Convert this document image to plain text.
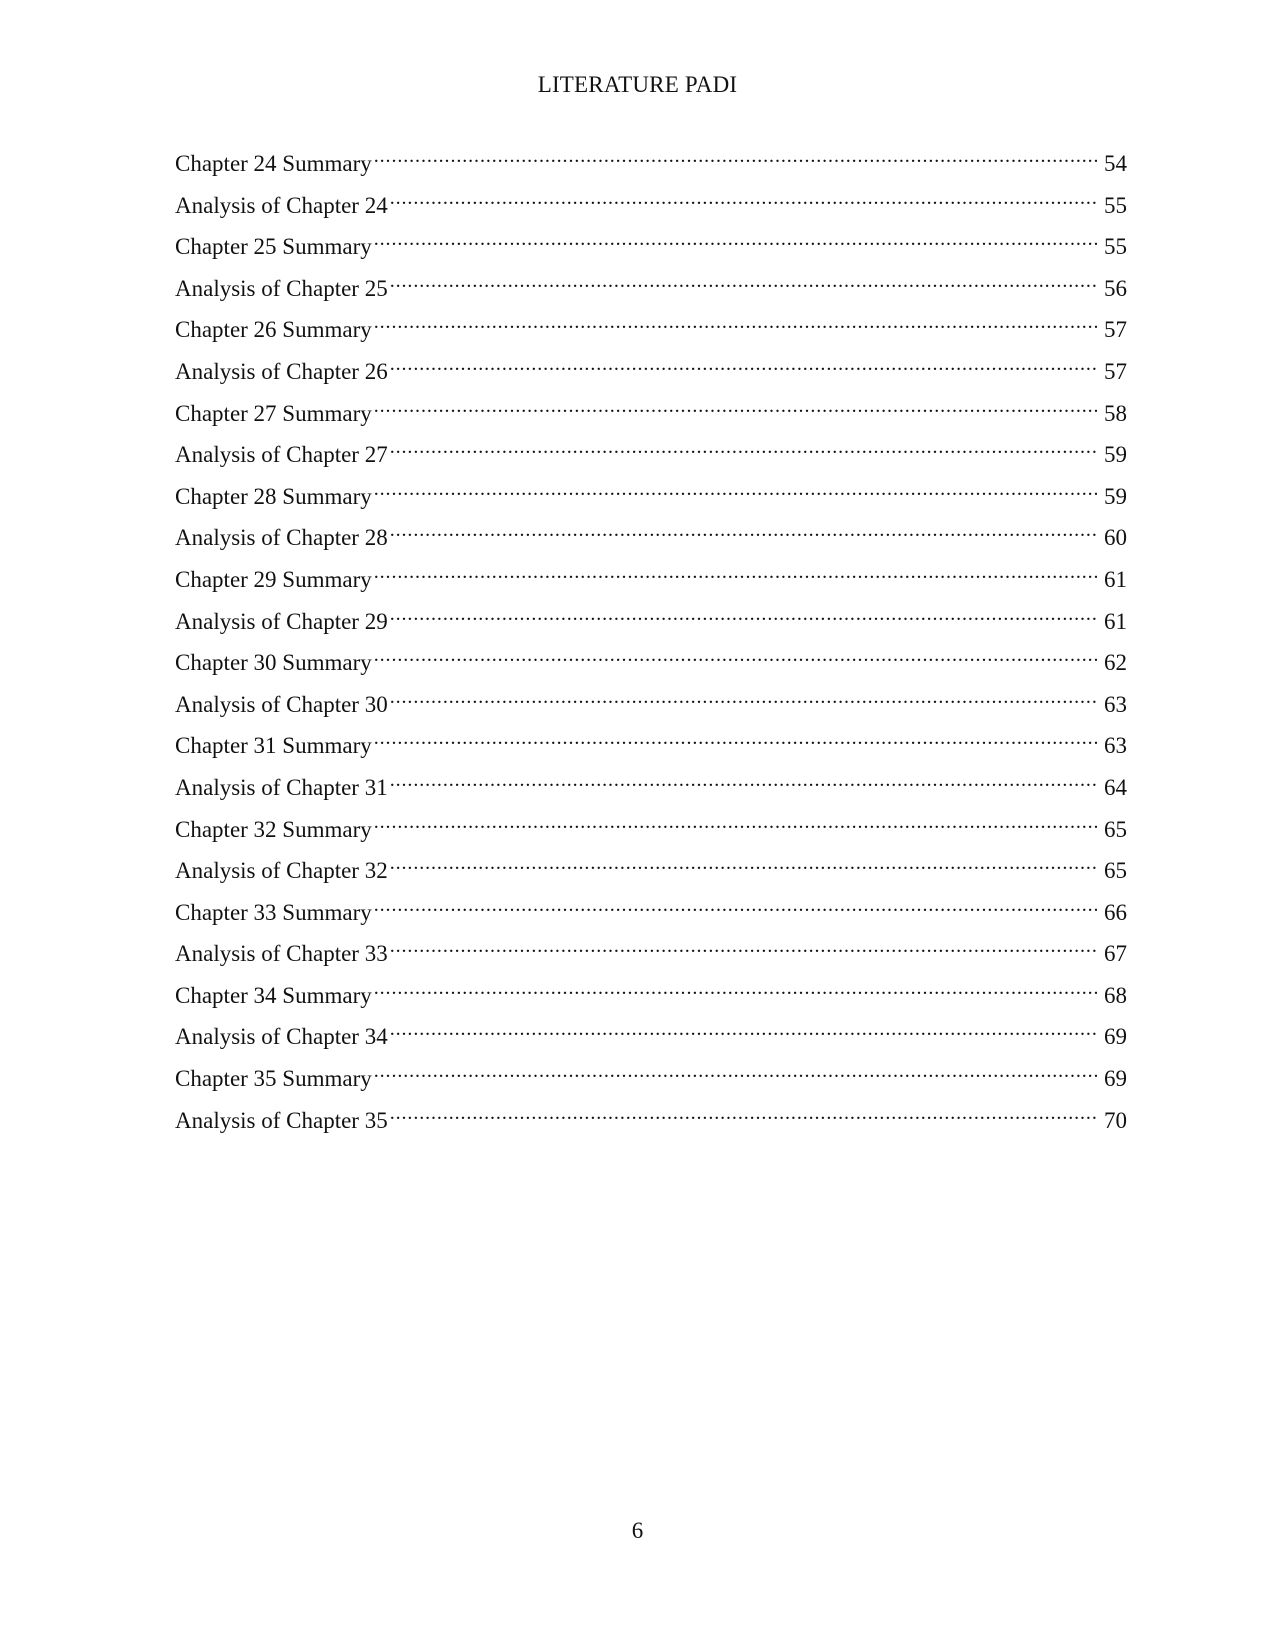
LITERATURE PADI
Chapter 24 Summary .....	54
Analysis of Chapter 24 .....	55
Chapter 25 Summary .....	55
Analysis of Chapter 25 .....	56
Chapter 26 Summary .....	57
Analysis of Chapter 26 .....	57
Chapter 27 Summary .....	58
Analysis of Chapter 27 .....	59
Chapter 28 Summary .....	59
Analysis of Chapter 28 .....	60
Chapter 29 Summary .....	61
Analysis of Chapter 29 .....	61
Chapter 30 Summary .....	62
Analysis of Chapter 30 .....	63
Chapter 31 Summary .....	63
Analysis of Chapter 31 .....	64
Chapter 32 Summary .....	65
Analysis of Chapter 32 .....	65
Chapter 33 Summary .....	66
Analysis of Chapter 33 .....	67
Chapter 34 Summary .....	68
Analysis of Chapter 34 .....	69
Chapter 35 Summary .....	69
Analysis of Chapter 35 .....	70
6
